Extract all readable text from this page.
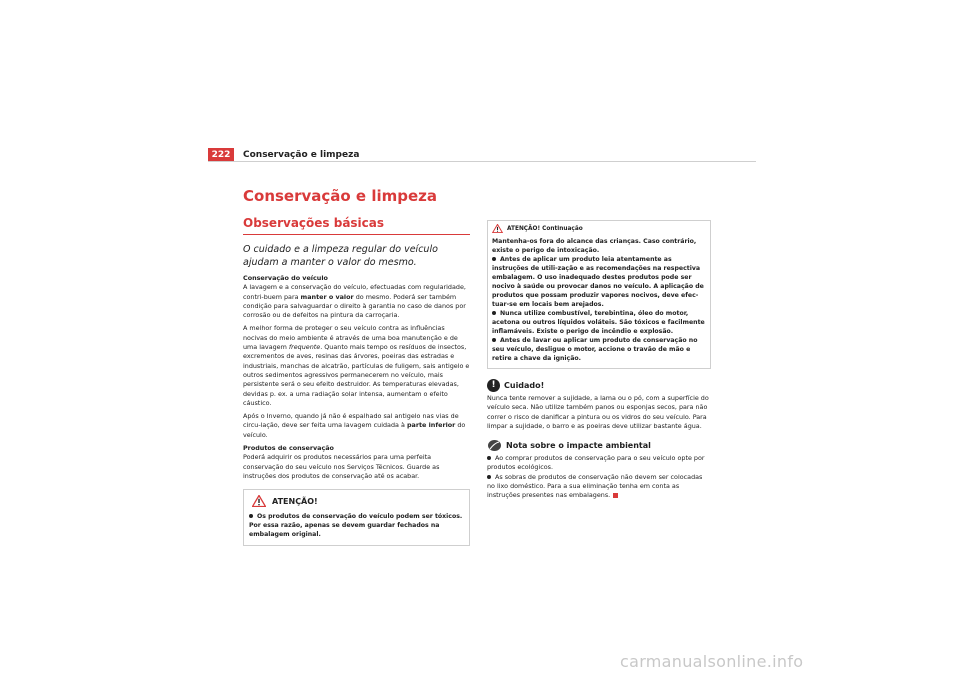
222	Conservação e limpeza
Conservação e limpeza
Observações básicas
O cuidado e a limpeza regular do veículo ajudam a manter o valor do mesmo.

Conservação do veículo

A lavagem e a conservação do veículo, efectuadas com regularidade, contri-buem para manter o valor do mesmo. Poderá ser também condição para salvaguardar o direito à garantia no caso de danos por corrosão ou de defeitos na pintura da carroçaria.

A melhor forma de proteger o seu veículo contra as influências nocivas do meio ambiente é através de uma boa manutenção e de uma lavagem frequente. Quanto mais tempo os resíduos de insectos, excrementos de aves, resinas das árvores, poeiras das estradas e industriais, manchas de alcatrão, partículas de fuligem, sais antigelo e outros sedimentos agressivos permanecerem no veículo, mais persistente será o seu efeito destruidor. As temperaturas elevadas, devidas p. ex. a uma radiação solar intensa, aumentam o efeito cáustico.

Após o Inverno, quando já não é espalhado sal antigelo nas vias de circu-lação, deve ser feita uma lavagem cuidada à parte inferior do veículo.

Produtos de conservação

Poderá adquirir os produtos necessários para uma perfeita conservação do seu veículo nos Serviços Técnicos. Guarde as instruções dos produtos de conservação até os acabar.

ATENÇÃO!
Os produtos de conservação do veículo podem ser tóxicos. Por essa razão, apenas se devem guardar fechados na embalagem original.
ATENÇÃO! Continuação

Mantenha-os fora do alcance das crianças. Caso contrário, existe o perigo de intoxicação.

Antes de aplicar um produto leia atentamente as instruções de utili-zação e as recomendações na respectiva embalagem. O uso inadequado destes produtos pode ser nocivo à saúde ou provocar danos no veículo. A aplicação de produtos que possam produzir vapores nocivos, deve efec-tuar-se em locais bem arejados.

Nunca utilize combustível, terebintina, óleo do motor, acetona ou outros líquidos voláteis. São tóxicos e facilmente inflamáveis. Existe o perigo de incêndio e explosão.

Antes de lavar ou aplicar um produto de conservação no seu veículo, desligue o motor, accione o travão de mão e retire a chave da ignição.

!	Cuidado!
Nunca tente remover a sujidade, a lama ou o pó, com a superfície do veículo seca. Não utilize também panos ou esponjas secos, para não correr o risco de danificar a pintura ou os vidros do seu veículo. Para limpar a sujidade, o barro e as poeiras deve utilizar bastante água.
Nota sobre o impacte ambiental

Ao comprar produtos de conservação para o seu veículo opte por produtos ecológicos.

As sobras de produtos de conservação não devem ser colocadas no lixo doméstico. Para a sua eliminação tenha em conta as instruções presentes nas embalagens.

carmanualsonline.info
